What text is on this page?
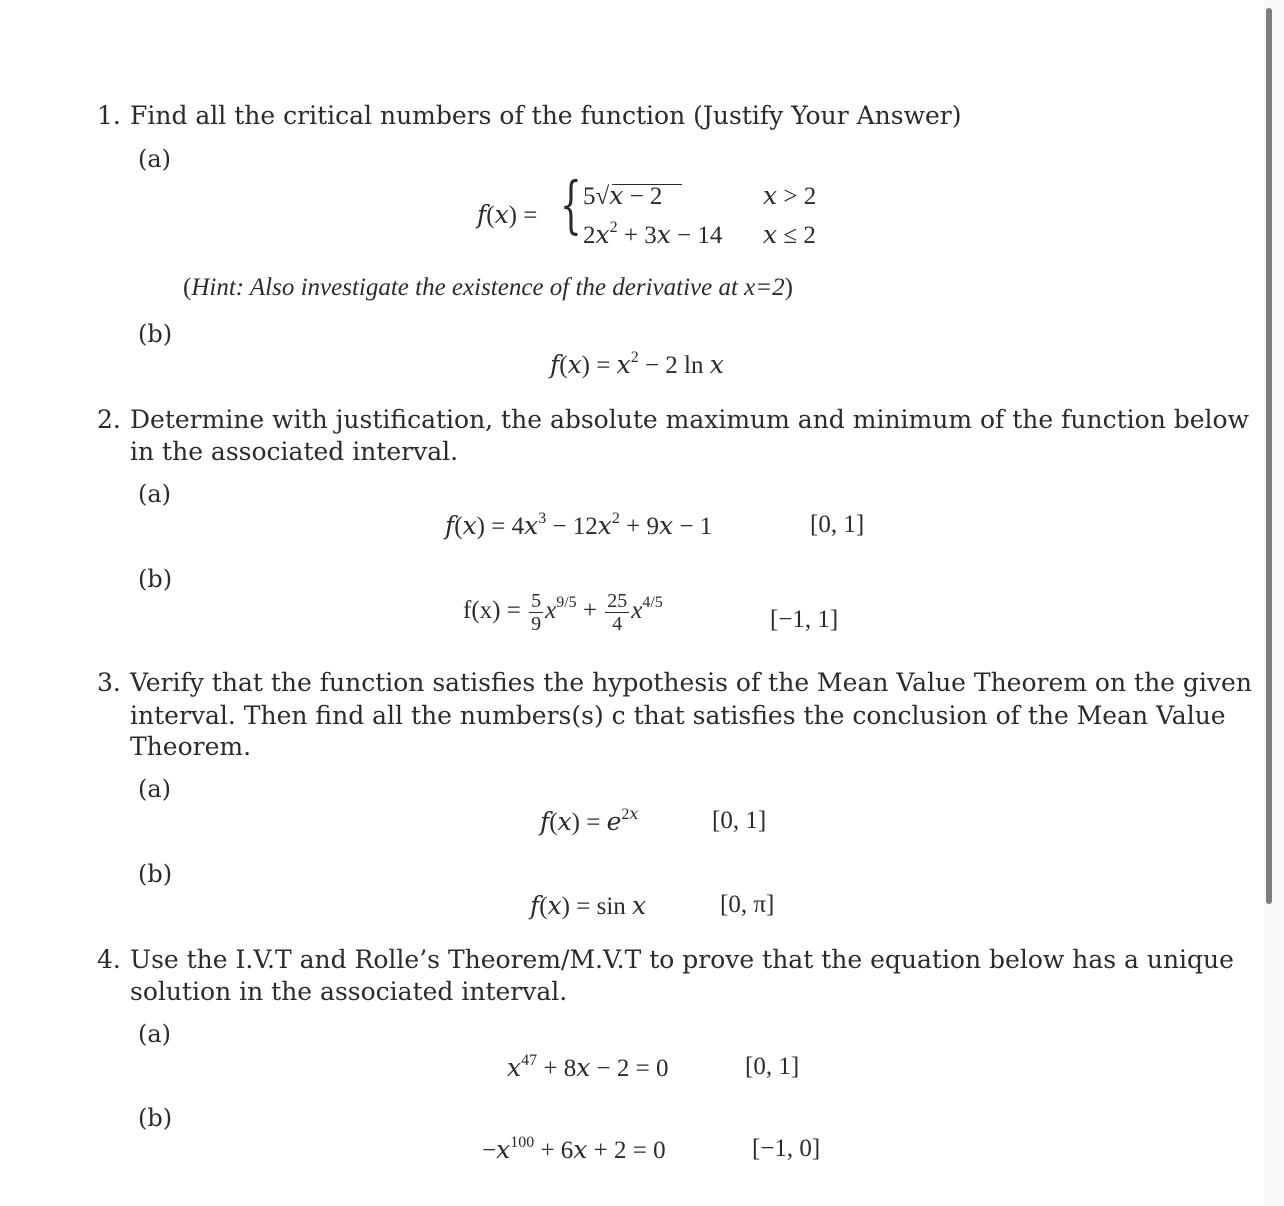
1. Find all the critical numbers of the function (Justify Your Answer)
(a)
𝑓(𝑥) = { 5√𝑥 − 2	𝑥 > 2
2𝑥$^2$ + 3𝑥 − 14 𝑥 ≤ 2
(Hint: Also investigate the existence of the derivative at x=2)
(b)
𝑓(𝑥) = 𝑥$^2$ − 2 ln 𝑥
2. Determine with justification, the absolute maximum and minimum of the function below
in the associated interval.
(a)
𝑓(𝑥) = 4𝑥$^3$ − 12𝑥$^2$ + 9𝑥 − 1	[0, 1]
(b)
$f(x) = \frac{5}{9} x^{9/5} + \frac{25}{4} x^{4/5}$
[−1, 1]
3. Verify that the function satisfies the hypothesis of the Mean Value Theorem on the given
interval. Then find all the numbers(s) c that satisfies the conclusion of the Mean Value
Theorem.
(a)
𝑓(𝑥) = 𝑒$^{2𝑥}$	[0, 1]
(b)
𝑓(𝑥) = sin 𝑥	[0, π]
4. Use the I.V.T and Rolle’s Theorem/M.V.T to prove that the equation below has a unique
solution in the associated interval.
(a)
𝑥$^{47}$ + 8𝑥 − 2 = 0	[0, 1]
(b)
−𝑥$^{100}$ + 6𝑥 + 2 = 0	[−1, 0]
